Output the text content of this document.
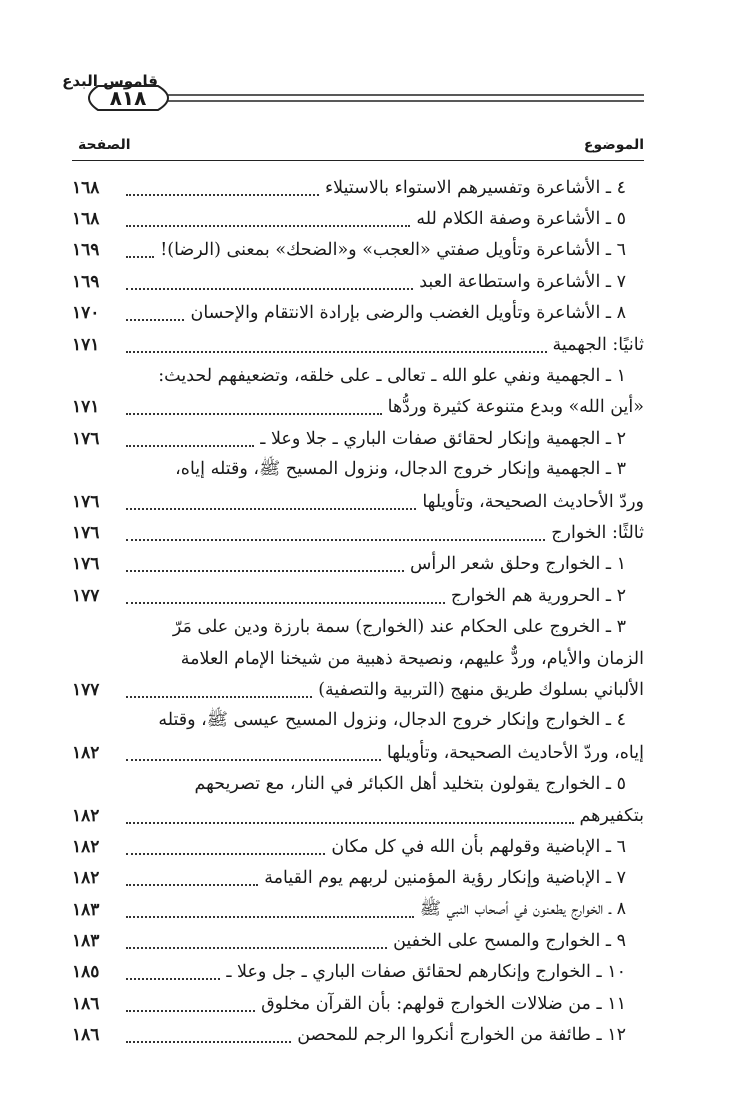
قاموس البدع
٨١٨
الموضوع
الصفحة
٤ ـ الأشاعرة وتفسيرهم الاستواء بالاستيلاء
١٦٨
٥ ـ الأشاعرة وصفة الكلام لله
١٦٨
٦ ـ الأشاعرة وتأويل صفتي «العجب» و«الضحك» بمعنى (الرضا)!
١٦٩
٧ ـ الأشاعرة واستطاعة العبد
١٦٩
٨ ـ الأشاعرة وتأويل الغضب والرضى بإرادة الانتقام والإحسان
١٧٠
ثانيًا: الجهمية
١٧١
١ ـ الجهمية ونفي علو الله ـ تعالى ـ على خلقه، وتضعيفهم لحديث:
«أين الله» وبدع متنوعة كثيرة وردُّها
١٧١
٢ ـ الجهمية وإنكار لحقائق صفات الباري ـ جلا وعلا ـ
١٧٦
٣ ـ الجهمية وإنكار خروج الدجال، ونزول المسيح ﷺ، وقتله إياه،
وردّ الأحاديث الصحيحة، وتأويلها
١٧٦
ثالثًا: الخوارج
١٧٦
١ ـ الخوارج وحلق شعر الرأس
١٧٦
٢ ـ الحرورية هم الخوارج
١٧٧
٣ ـ الخروج على الحكام عند (الخوارج) سمة بارزة ودين على مَرّ
الزمان والأيام، وردٌّ عليهم، ونصيحة ذهبية من شيخنا الإمام العلامة
الألباني بسلوك طريق منهج (التربية والتصفية)
١٧٧
٤ ـ الخوارج وإنكار خروج الدجال، ونزول المسيح عيسى ﷺ، وقتله
إياه، وردّ الأحاديث الصحيحة، وتأويلها
١٨٢
٥ ـ الخوارج يقولون بتخليد أهل الكبائر في النار، مع تصريحهم
بتكفيرهم
١٨٢
٦ ـ الإباضية وقولهم بأن الله في كل مكان
١٨٢
٧ ـ الإباضية وإنكار رؤية المؤمنين لربهم يوم القيامة
١٨٢
٨ ـ الخوارج يطعنون في أصحاب النبي ﷺ
١٨٣
٩ ـ الخوارج والمسح على الخفين
١٨٣
١٠ ـ الخوارج وإنكارهم لحقائق صفات الباري ـ جل وعلا ـ
١٨٥
١١ ـ من ضلالات الخوارج قولهم: بأن القرآن مخلوق
١٨٦
١٢ ـ طائفة من الخوارج أنكروا الرجم للمحصن
١٨٦
